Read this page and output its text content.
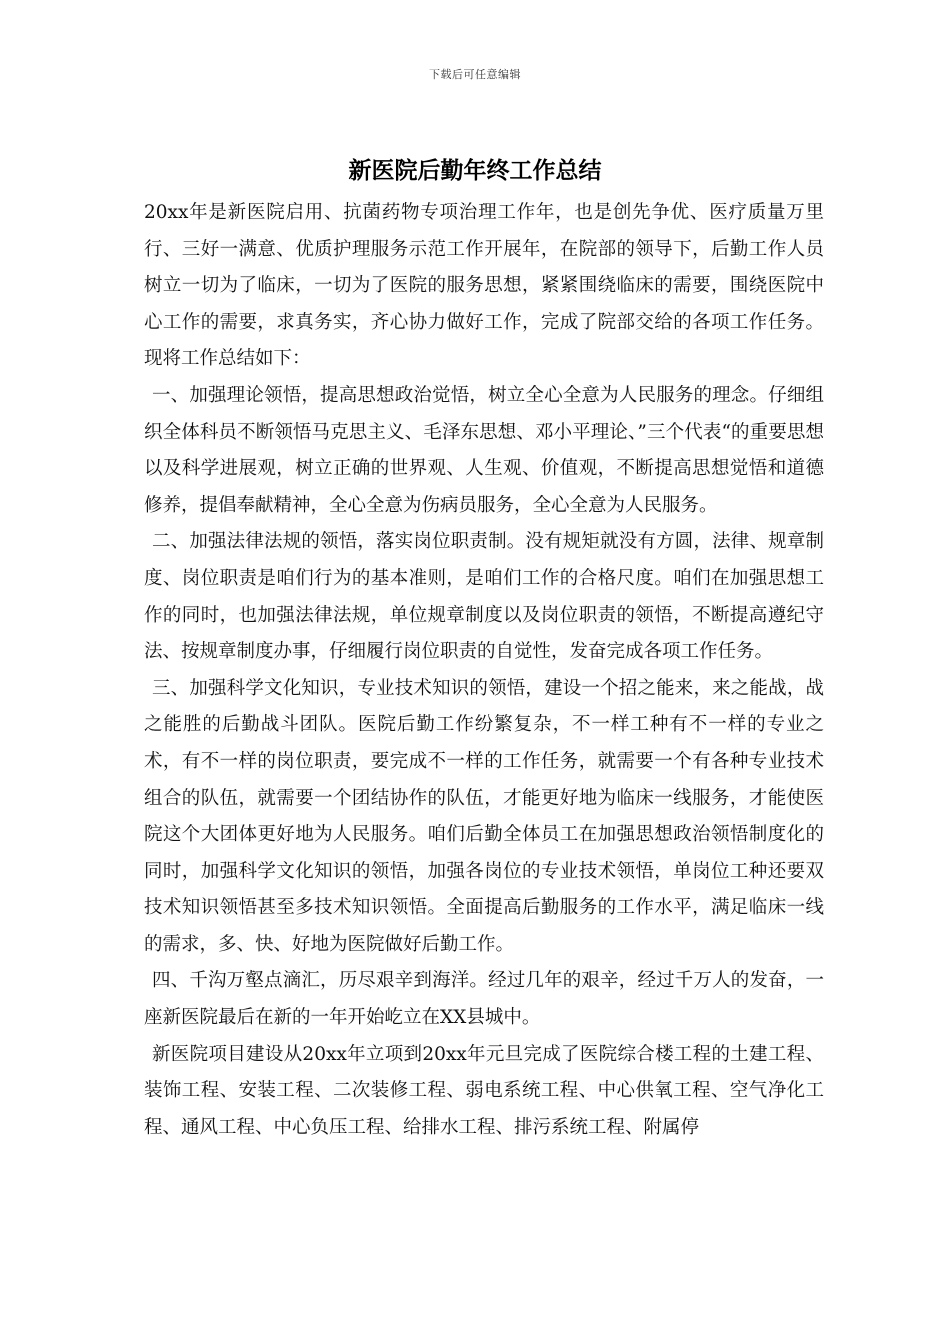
下载后可任意编辑
新医院后勤年终工作总结

20xx年是新医院启用、抗菌药物专项治理工作年，也是创先争优、医疗质量万里行、三好一满意、优质护理服务示范工作开展年，在院部的领导下，后勤工作人员树立一切为了临床，一切为了医院的服务思想，紧紧围绕临床的需要，围绕医院中心工作的需要，求真务实，齐心协力做好工作，完成了院部交给的各项工作任务。现将工作总结如下：

一、加强理论领悟，提高思想政治觉悟，树立全心全意为人民服务的理念。仔细组织全体科员不断领悟马克思主义、毛泽东思想、邓小平理论、”三个代表“的重要思想以及科学进展观，树立正确的世界观、人生观、价值观，不断提高思想觉悟和道德修养，提倡奉献精神，全心全意为伤病员服务，全心全意为人民服务。

二、加强法律法规的领悟，落实岗位职责制。没有规矩就没有方圆，法律、规章制度、岗位职责是咱们行为的基本准则，是咱们工作的合格尺度。咱们在加强思想工作的同时，也加强法律法规，单位规章制度以及岗位职责的领悟，不断提高遵纪守法、按规章制度办事，仔细履行岗位职责的自觉性，发奋完成各项工作任务。

三、加强科学文化知识，专业技术知识的领悟，建设一个招之能来，来之能战，战之能胜的后勤战斗团队。医院后勤工作纷繁复杂，不一样工种有不一样的专业之术，有不一样的岗位职责，要完成不一样的工作任务，就需要一个有各种专业技术组合的队伍，就需要一个团结协作的队伍，才能更好地为临床一线服务，才能使医院这个大团体更好地为人民服务。咱们后勤全体员工在加强思想政治领悟制度化的同时，加强科学文化知识的领悟，加强各岗位的专业技术领悟，单岗位工种还要双技术知识领悟甚至多技术知识领悟。全面提高后勤服务的工作水平，满足临床一线的需求，多、快、好地为医院做好后勤工作。

四、千沟万壑点滴汇，历尽艰辛到海洋。经过几年的艰辛，经过千万人的发奋，一座新医院最后在新的一年开始屹立在XX县城中。

新医院项目建设从20xx年立项到20xx年元旦完成了医院综合楼工程的土建工程、装饰工程、安装工程、二次装修工程、弱电系统工程、中心供氧工程、空气净化工程、通风工程、中心负压工程、给排水工程、排污系统工程、附属停
